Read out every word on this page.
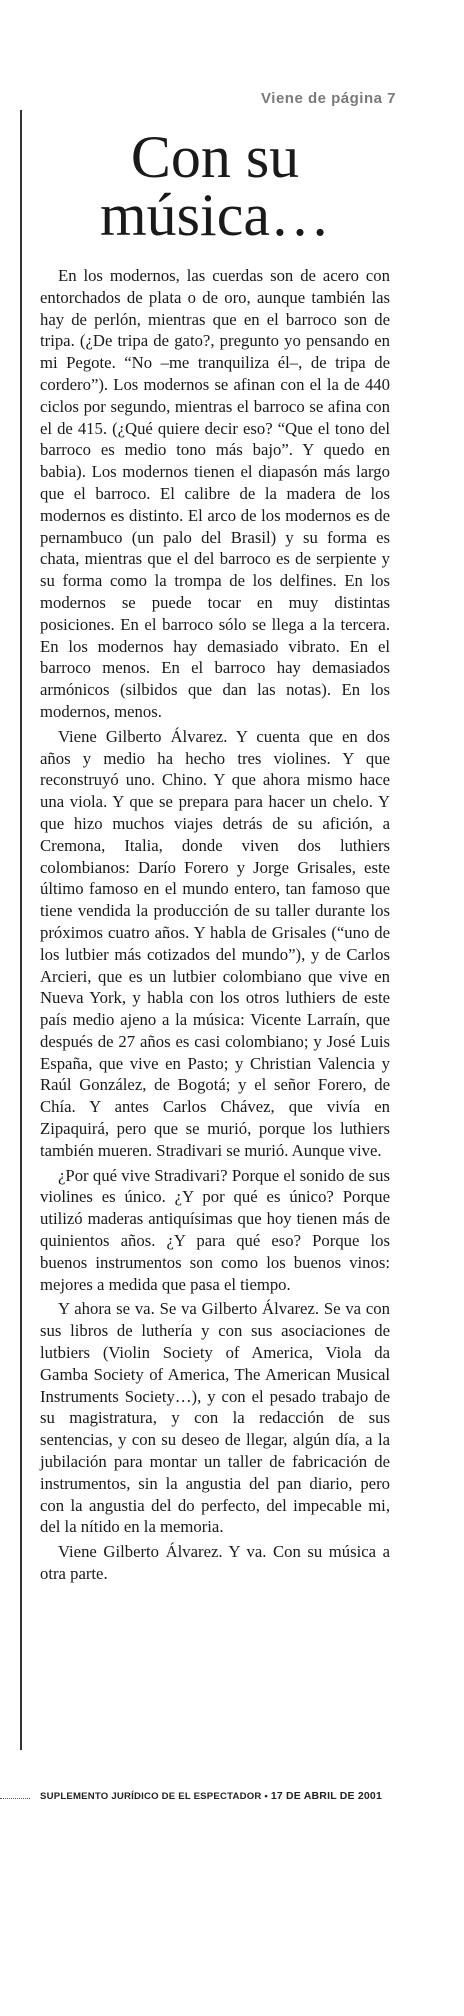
Viene de página 7
Con su
música…

En los modernos, las cuerdas son de acero con entorchados de plata o de oro, aunque también las hay de perlón, mientras que en el barroco son de tripa. (¿De tripa de gato?, pregunto yo pensando en mi Pegote. “No –me tranquiliza él–, de tripa de cordero”). Los modernos se afinan con el la de 440 ciclos por segundo, mientras el barroco se afina con el de 415. (¿Qué quiere decir eso? “Que el tono del barroco es medio tono más bajo”. Y quedo en babia). Los modernos tienen el diapasón más largo que el barroco. El calibre de la madera de los modernos es distinto. El arco de los modernos es de pernambuco (un palo del Brasil) y su forma es chata, mientras que el del barroco es de serpiente y su forma como la trompa de los delfines. En los modernos se puede tocar en muy distintas posiciones. En el barroco sólo se llega a la tercera. En los modernos hay demasiado vibrato. En el barroco menos. En el barroco hay demasiados armónicos (silbidos que dan las notas). En los modernos, menos.

Viene Gilberto Álvarez. Y cuenta que en dos años y medio ha hecho tres violines. Y que reconstruyó uno. Chino. Y que ahora mismo hace una viola. Y que se prepara para hacer un chelo. Y que hizo muchos viajes detrás de su afición, a Cremona, Italia, donde viven dos luthiers colombianos: Darío Forero y Jorge Grisales, este último famoso en el mundo entero, tan famoso que tiene vendida la producción de su taller durante los próximos cuatro años. Y habla de Grisales (“uno de los lutbier más cotizados del mundo”), y de Carlos Arcieri, que es un lutbier colombiano que vive en Nueva York, y habla con los otros luthiers de este país medio ajeno a la música: Vicente Larraín, que después de 27 años es casi colombiano; y José Luis España, que vive en Pasto; y Christian Valencia y Raúl González, de Bogotá; y el señor Forero, de Chía. Y antes Carlos Chávez, que vivía en Zipaquirá, pero que se murió, porque los luthiers también mueren. Stradivari se murió. Aunque vive.

¿Por qué vive Stradivari? Porque el sonido de sus violines es único. ¿Y por qué es único? Porque utilizó maderas antiquísimas que hoy tienen más de quinientos años. ¿Y para qué eso? Porque los buenos instrumentos son como los buenos vinos: mejores a medida que pasa el tiempo.

Y ahora se va. Se va Gilberto Álvarez. Se va con sus libros de luthería y con sus asociaciones de lutbiers (Violin Society of America, Viola da Gamba Society of America, The American Musical Instruments Society…), y con el pesado trabajo de su magistratura, y con la redacción de sus sentencias, y con su deseo de llegar, algún día, a la jubilación para montar un taller de fabricación de instrumentos, sin la angustia del pan diario, pero con la angustia del do perfecto, del impecable mi, del la nítido en la memoria.

Viene Gilberto Álvarez. Y va. Con su música a otra parte.

SUPLEMENTO JURÍDICO DE EL ESPECTADOR • 17 DE ABRIL DE 2001
